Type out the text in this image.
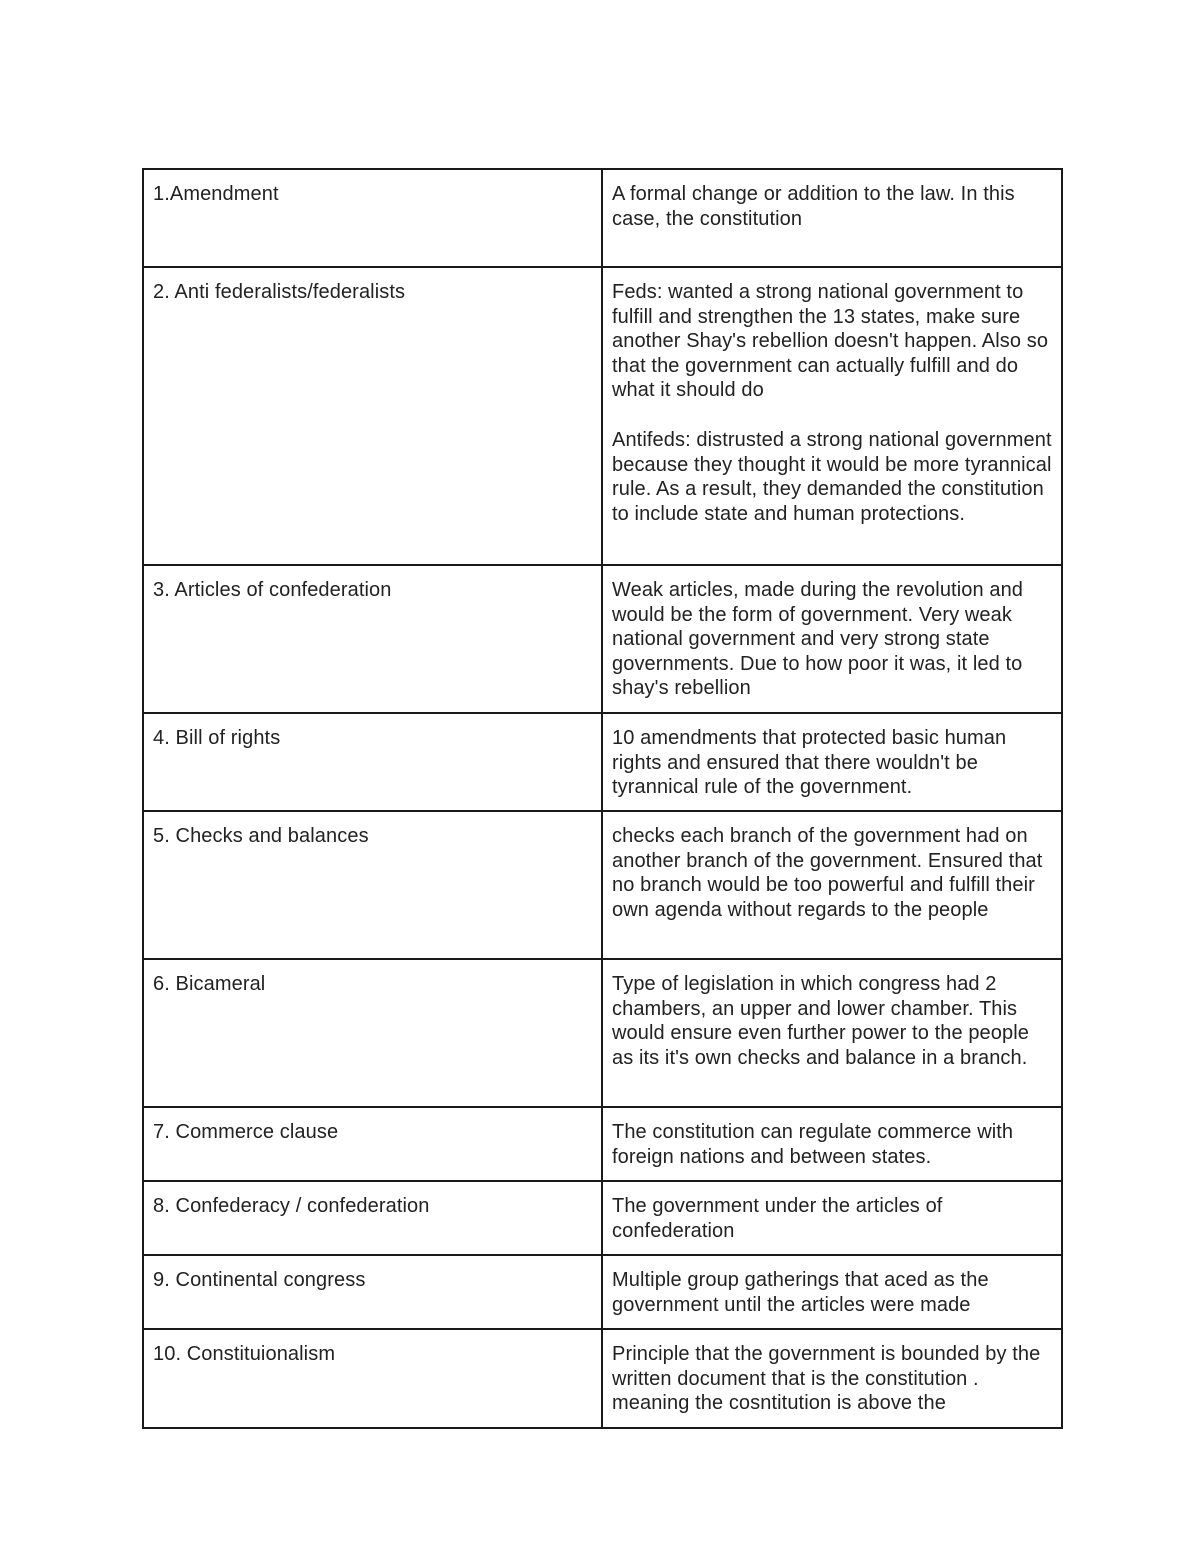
1.Amendment	A formal change or addition to the law. In this case, the constitution

2. Anti federalists/federalists	Feds: wanted a strong national government to fulfill and strengthen the 13 states, make sure another Shay's rebellion doesn't happen. Also so that the government can actually fulfill and do what it should do

Antifeds: distrusted a strong national government because they thought it would be more tyrannical rule. As a result, they demanded the constitution to include state and human protections.

3. Articles of confederation	Weak articles, made during the revolution and would be the form of government. Very weak national government and very strong state governments. Due to how poor it was, it led to shay's rebellion

4. Bill of rights	10 amendments that protected basic human rights and ensured that there wouldn't be tyrannical rule of the government.

5. Checks and balances	checks each branch of the government had on another branch of the government. Ensured that no branch would be too powerful and fulfill their own agenda without regards to the people

6. Bicameral	Type of legislation in which congress had 2 chambers, an upper and lower chamber. This would ensure even further power to the people as its it's own checks and balance in a branch.

7. Commerce clause	The constitution can regulate commerce with foreign nations and between states.

8. Confederacy / confederation	The government under the articles of confederation

9. Continental congress	Multiple group gatherings that aced as the government until the articles were made

10. Constituionalism	Principle that the government is bounded by the written document that is the constitution . meaning the cosntitution is above the
